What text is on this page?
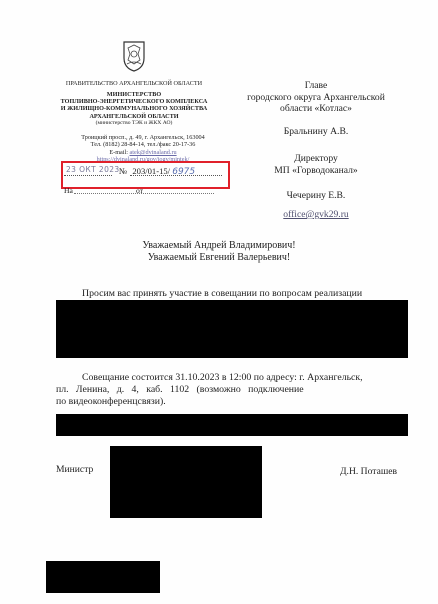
ПРАВИТЕЛЬСТВО АРХАНГЕЛЬСКОЙ ОБЛАСТИ
МИНИСТЕРСТВО
ТОПЛИВНО-ЭНЕРГЕТИЧЕСКОГО КОМПЛЕКСА
И ЖИЛИЩНО-КОММУНАЛЬНОГО ХОЗЯЙСТВА
АРХАНГЕЛЬСКОЙ ОБЛАСТИ
(министерство ТЭК и ЖКХ АО)
Троицкий просп., д. 49, г. Архангельск, 163004
Тел. (8182) 28-84-14, тел./факс 20-17-36
E-mail: atek@dvinaland.ru
https://dvinaland.ru/gov/iogv/mintek/
23 ОКТ 2023 № 203/01-15/ 6975
На	от
Главе
городского округа Архангельской
области «Котлас»
Бральнину А.В.
Директору
МП «Горводоканал»
Чечерину Е.В.
office@gvk29.ru
Уважаемый Андрей Владимирович!
Уважаемый Евгений Валерьевич!
Просим вас принять участие в совещании по вопросам реализации
Совещание состоится 31.10.2023 в 12:00 по адресу: г. Архангельск,
пл.   Ленина,   д.   4,   каб.   1102   (возможно   подключение
по видеоконференцсвязи).
Министр	Д.Н. Поташев
